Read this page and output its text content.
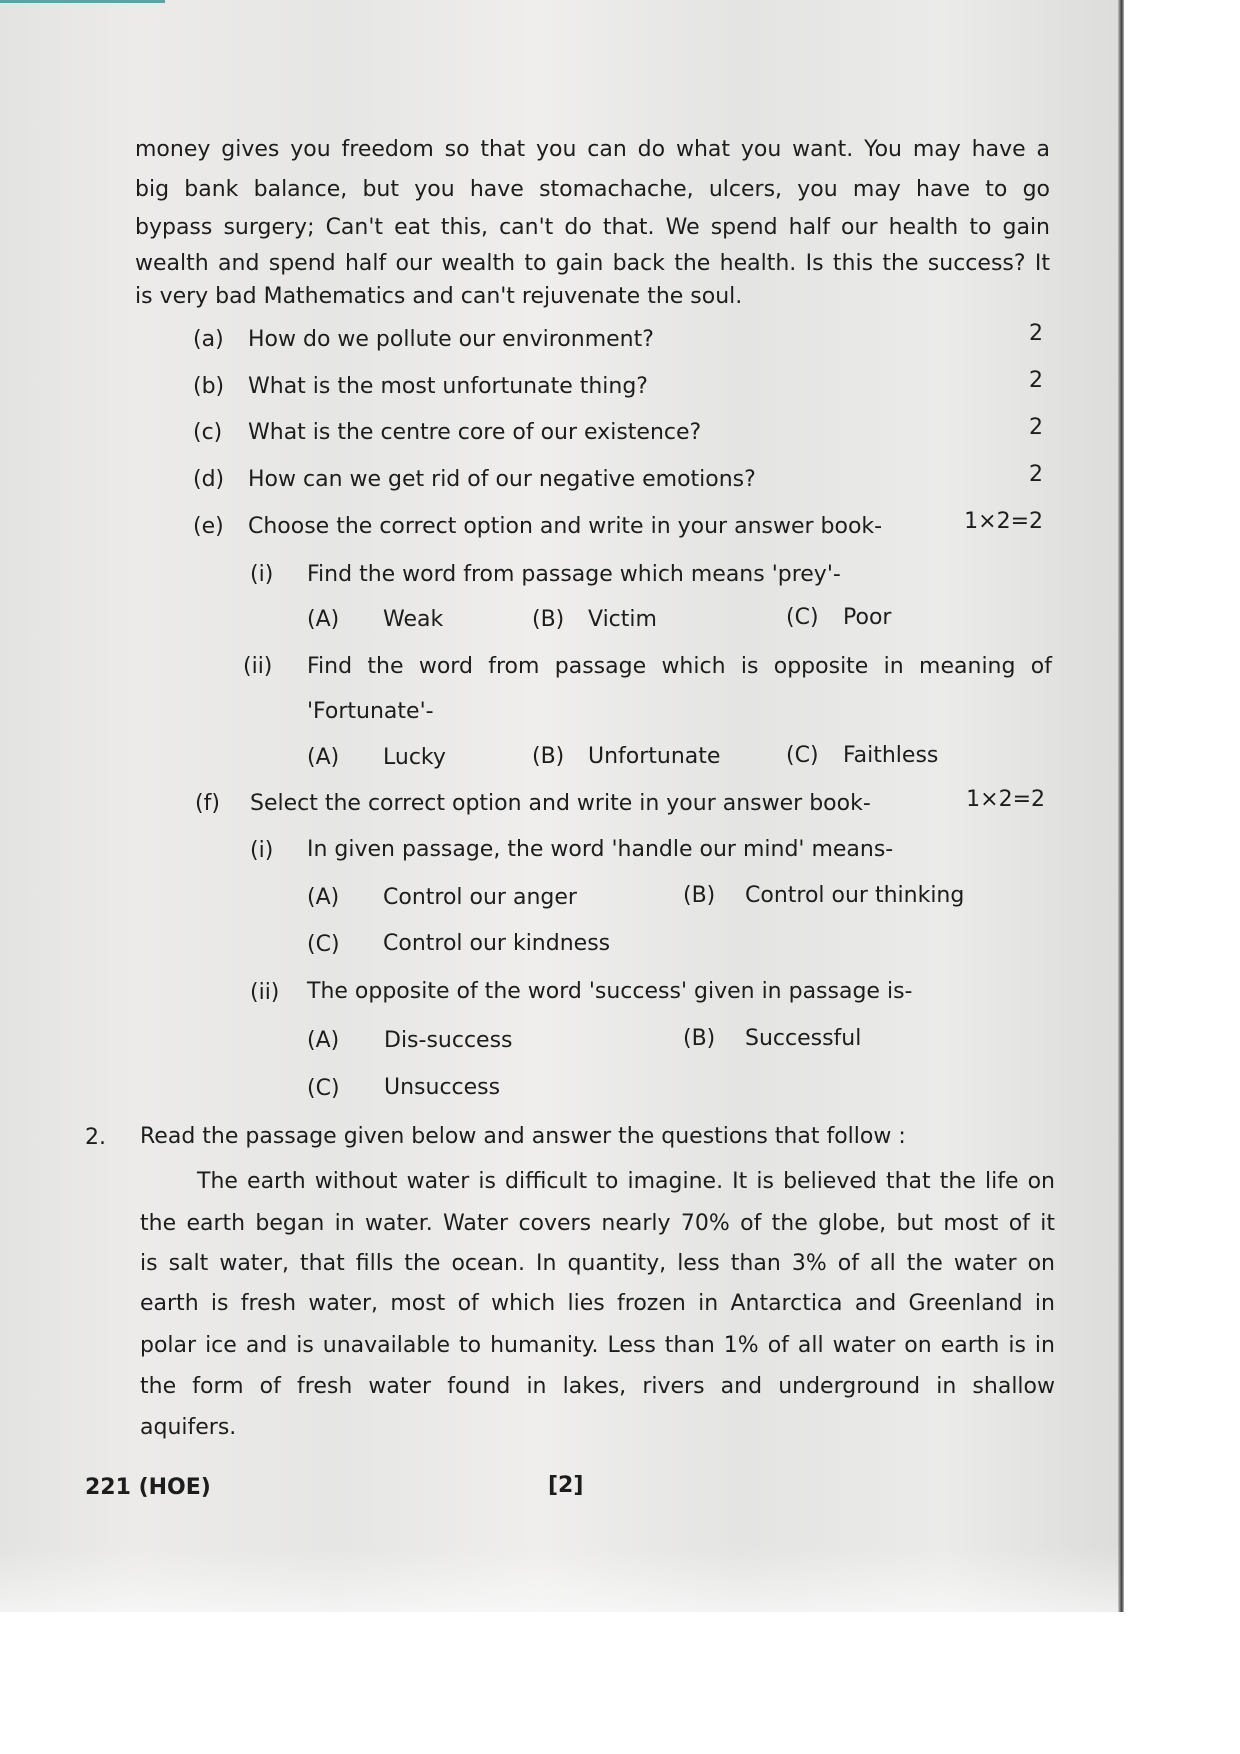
money gives you freedom so that you can do what you want. You may have a
big bank balance, but you have stomachache, ulcers, you may have to go
bypass surgery; Can't eat this, can't do that. We spend half our health to gain
wealth and spend half our wealth to gain back the health. Is this the success? It
is very bad Mathematics and can't rejuvenate the soul.
(a) How do we pollute our environment?	2
(b) What is the most unfortunate thing?	2
(c) What is the centre core of our existence?	2
(d) How can we get rid of our negative emotions?	2
(e) Choose the correct option and write in your answer book-	1×2=2
(i) Find the word from passage which means 'prey'-
(A) Weak	(B) Victim	(C) Poor
(ii) Find the word from passage which is opposite in meaning of
'Fortunate'-
(A) Lucky	(B) Unfortunate	(C) Faithless
(f) Select the correct option and write in your answer book-	1×2=2
(i) In given passage, the word 'handle our mind' means-
(A) Control our anger	(B) Control our thinking
(C) Control our kindness
(ii) The opposite of the word 'success' given in passage is-
(A) Dis-success	(B) Successful
(C) Unsuccess
2. Read the passage given below and answer the questions that follow :
The earth without water is difficult to imagine. It is believed that the life on
the earth began in water. Water covers nearly 70% of the globe, but most of it
is salt water, that fills the ocean. In quantity, less than 3% of all the water on
earth is fresh water, most of which lies frozen in Antarctica and Greenland in
polar ice and is unavailable to humanity. Less than 1% of all water on earth is in
the form of fresh water found in lakes, rivers and underground in shallow
aquifers.
221 (HOE)	[2]
